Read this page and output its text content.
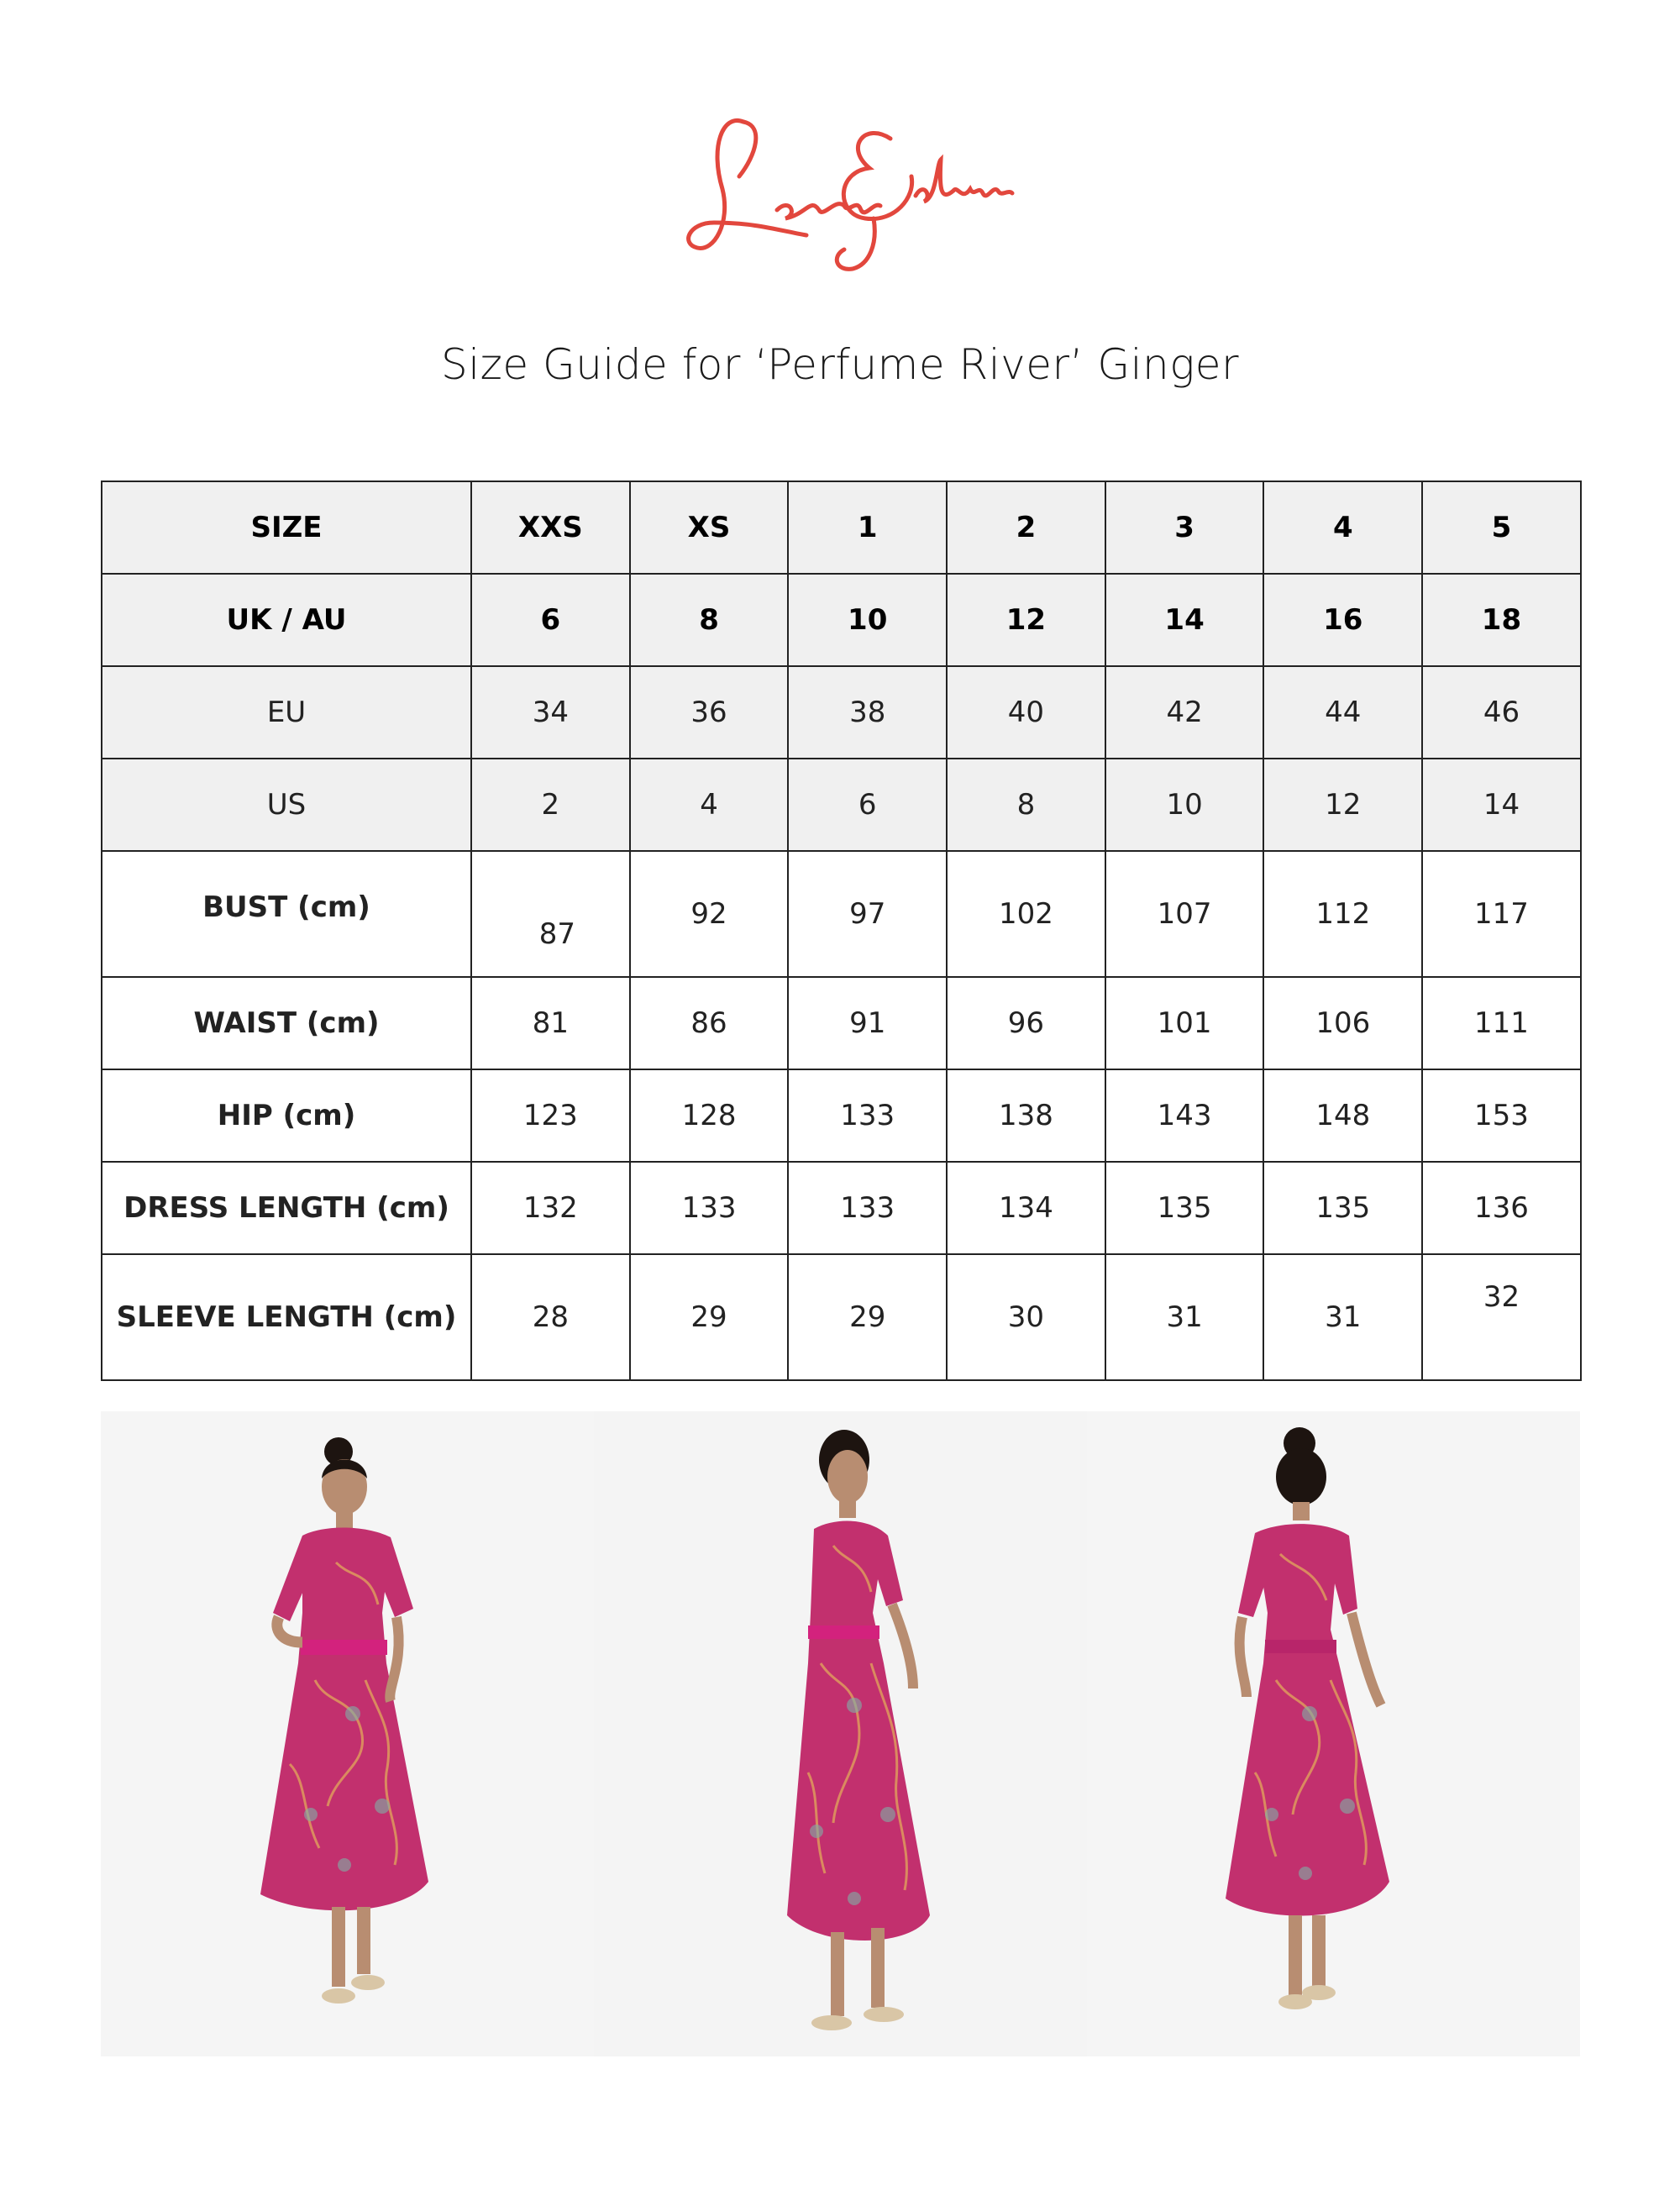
Size Guide for ‘Perfume River’ Ginger
SIZE	XXS	XS	1	2	3	4	5
UK / AU	6	8	10	12	14	16	18
EU	34	36	38	40	42	44	46
US	2	4	6	8	10	12	14
BUST (cm)	87	92	97	102	107	112	117
WAIST (cm)	81	86	91	96	101	106	111
HIP (cm)	123	128	133	138	143	148	153
DRESS LENGTH (cm)	132	133	133	134	135	135	136
SLEEVE LENGTH (cm)	28	29	29	30	31	31	32
